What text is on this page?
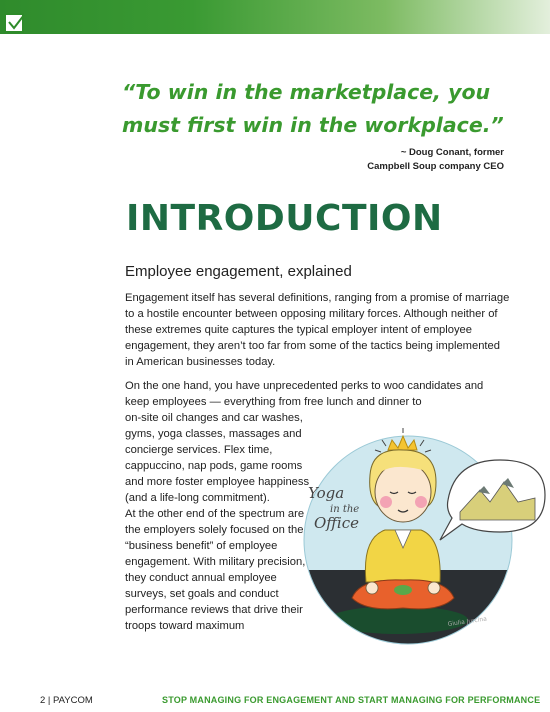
“To win in the marketplace, you
must first win in the workplace.”
~ Doug Conant, former
Campbell Soup company CEO
INTRODUCTION
Employee engagement, explained
Engagement itself has several definitions, ranging from a promise of marriage to a hostile encounter between opposing military forces. Although neither of these extremes quite captures the typical employer intent of employee engagement, they aren’t too far from some of the tactics being implemented in American businesses today.
On the one hand, you have unprecedented perks to woo candidates and keep employees — everything from free lunch and dinner to
on-site oil changes and car washes, gyms, yoga classes, massages and concierge services. Flex time, cappuccino, nap pods, game rooms and more foster employee happiness (and a life-long commitment).
At the other end of the spectrum are the employers solely focused on the “business benefit” of employee engagement. With military precision, they conduct annual employee surveys, set goals and conduct performance reviews that drive their troops toward maximum
Yoga
in the
Office
Giulia Jurcina
2 | PAYCOM	STOP MANAGING FOR ENGAGEMENT AND START MANAGING FOR PERFORMANCE
